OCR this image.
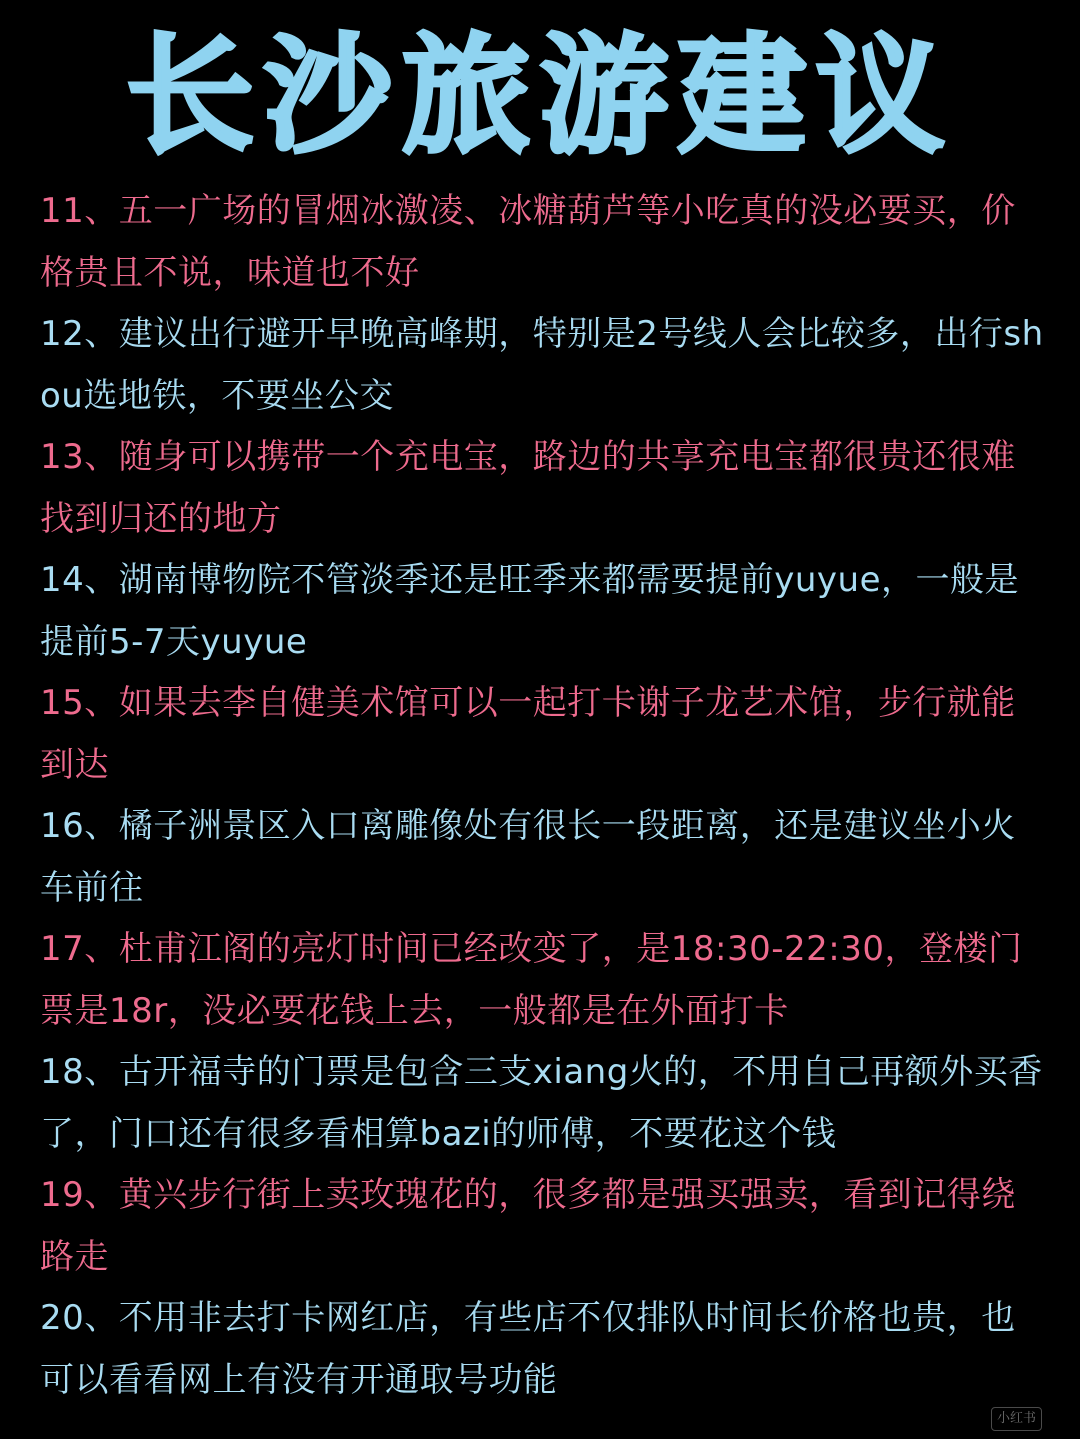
长沙旅游建议
11、五一广场的冒烟冰激凌、冰糖葫芦等小吃真的没必要买，价格贵且不说，味道也不好
12、建议出行避开早晚高峰期，特别是2号线人会比较多，出行shou选地铁，不要坐公交
13、随身可以携带一个充电宝，路边的共享充电宝都很贵还很难找到归还的地方
14、湖南博物院不管淡季还是旺季来都需要提前yuyue，一般是提前5-7天yuyue
15、如果去李自健美术馆可以一起打卡谢子龙艺术馆，步行就能到达
16、橘子洲景区入口离雕像处有很长一段距离，还是建议坐小火车前往
17、杜甫江阁的亮灯时间已经改变了，是18:30-22:30，登楼门票是18r，没必要花钱上去，一般都是在外面打卡
18、古开福寺的门票是包含三支xiang火的，不用自己再额外买香了，门口还有很多看相算bazi的师傅，不要花这个钱
19、黄兴步行街上卖玫瑰花的，很多都是强买强卖，看到记得绕路走
20、不用非去打卡网红店，有些店不仅排队时间长价格也贵，也可以看看网上有没有开通取号功能
小红书
